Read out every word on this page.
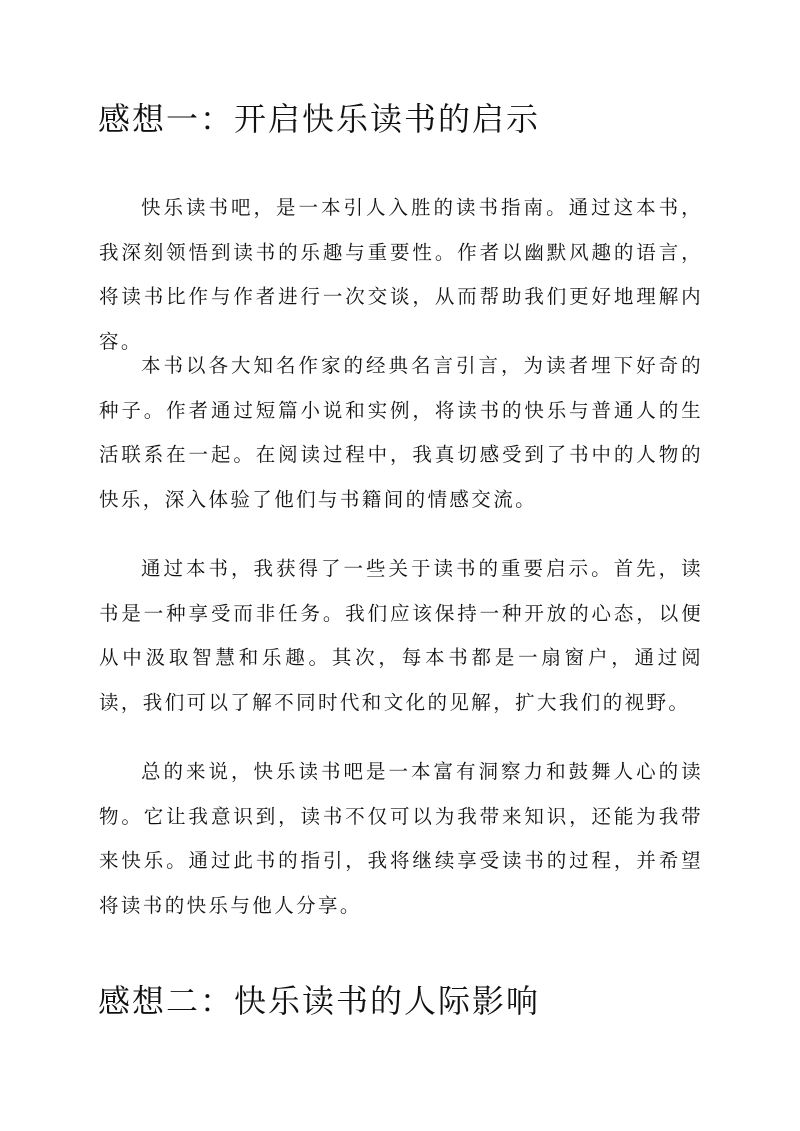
感想一：开启快乐读书的启示

快乐读书吧，是一本引人入胜的读书指南。通过这本书，我深刻领悟到读书的乐趣与重要性。作者以幽默风趣的语言，将读书比作与作者进行一次交谈，从而帮助我们更好地理解内容。

本书以各大知名作家的经典名言引言，为读者埋下好奇的种子。作者通过短篇小说和实例，将读书的快乐与普通人的生活联系在一起。在阅读过程中，我真切感受到了书中的人物的快乐，深入体验了他们与书籍间的情感交流。

通过本书，我获得了一些关于读书的重要启示。首先，读书是一种享受而非任务。我们应该保持一种开放的心态，以便从中汲取智慧和乐趣。其次，每本书都是一扇窗户，通过阅读，我们可以了解不同时代和文化的见解，扩大我们的视野。

总的来说，快乐读书吧是一本富有洞察力和鼓舞人心的读物。它让我意识到，读书不仅可以为我带来知识，还能为我带来快乐。通过此书的指引，我将继续享受读书的过程，并希望将读书的快乐与他人分享。

感想二：快乐读书的人际影响
